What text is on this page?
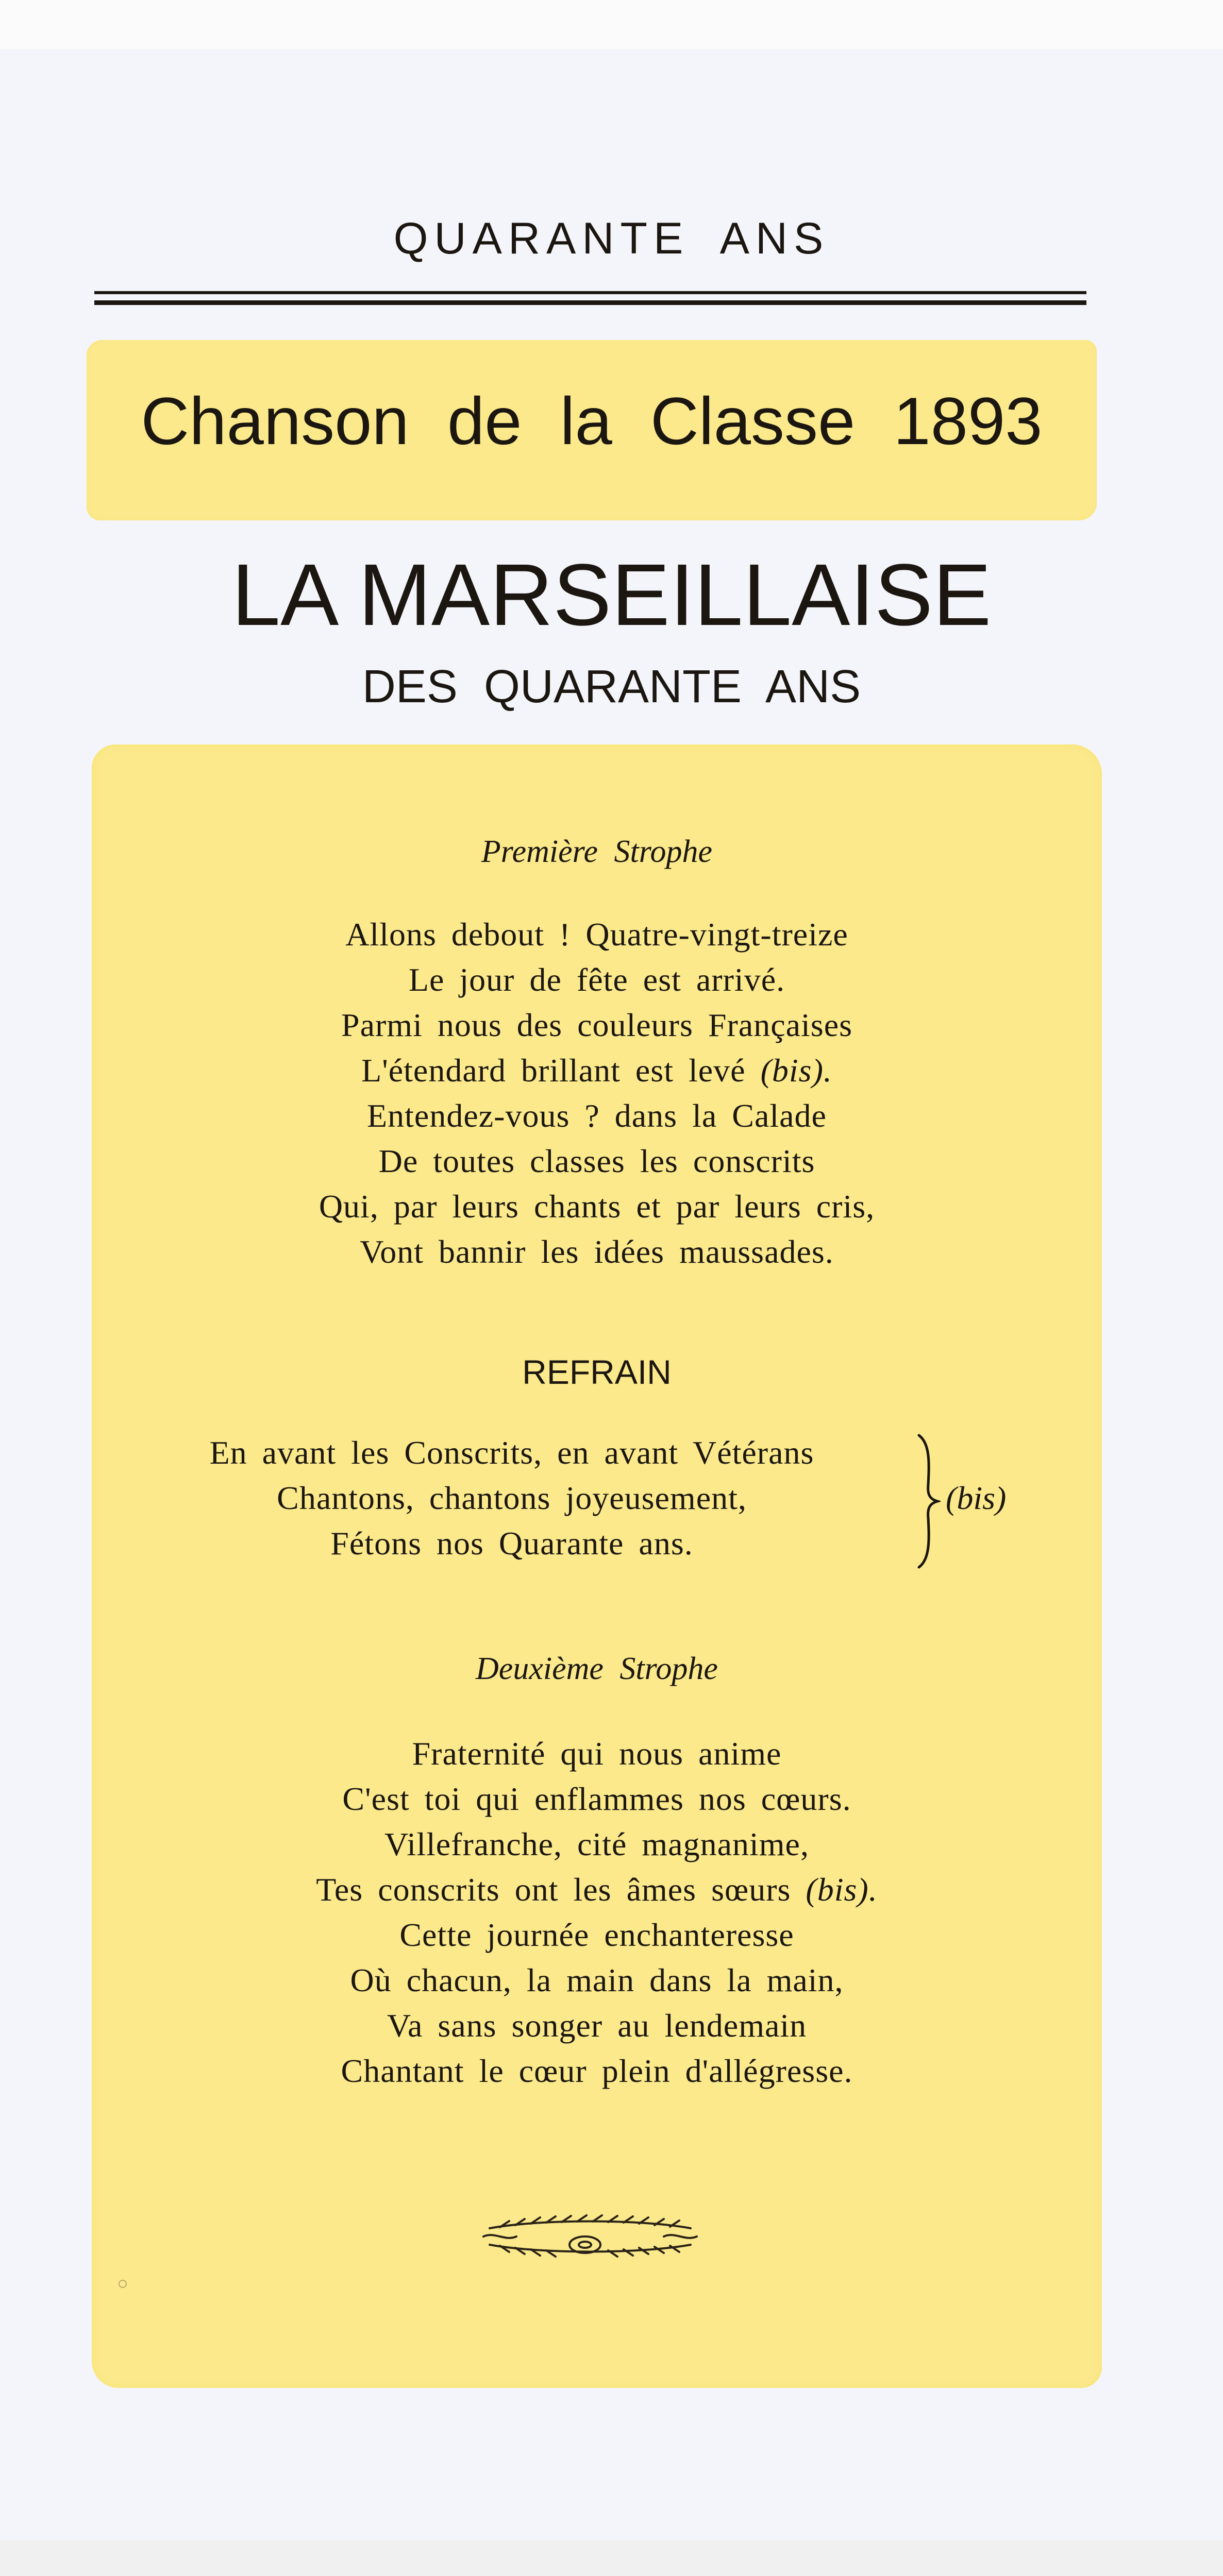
QUARANTE ANS
Chanson de la Classe 1893
LA MARSEILLAISE
DES QUARANTE ANS
Première Strophe
Allons debout ! Quatre-vingt-treize
Le jour de fête est arrivé.
Parmi nous des couleurs Françaises
L'étendard brillant est levé (bis).
Entendez-vous ? dans la Calade
De toutes classes les conscrits
Qui, par leurs chants et par leurs cris,
Vont bannir les idées maussades.
REFRAIN
En avant les Conscrits, en avant Vétérans
Chantons, chantons joyeusement,
Fétons nos Quarante ans.
(bis)
Deuxième Strophe
Fraternité qui nous anime
C'est toi qui enflammes nos cœurs.
Villefranche, cité magnanime,
Tes conscrits ont les âmes sœurs (bis).
Cette journée enchanteresse
Où chacun, la main dans la main,
Va sans songer au lendemain
Chantant le cœur plein d'allégresse.
